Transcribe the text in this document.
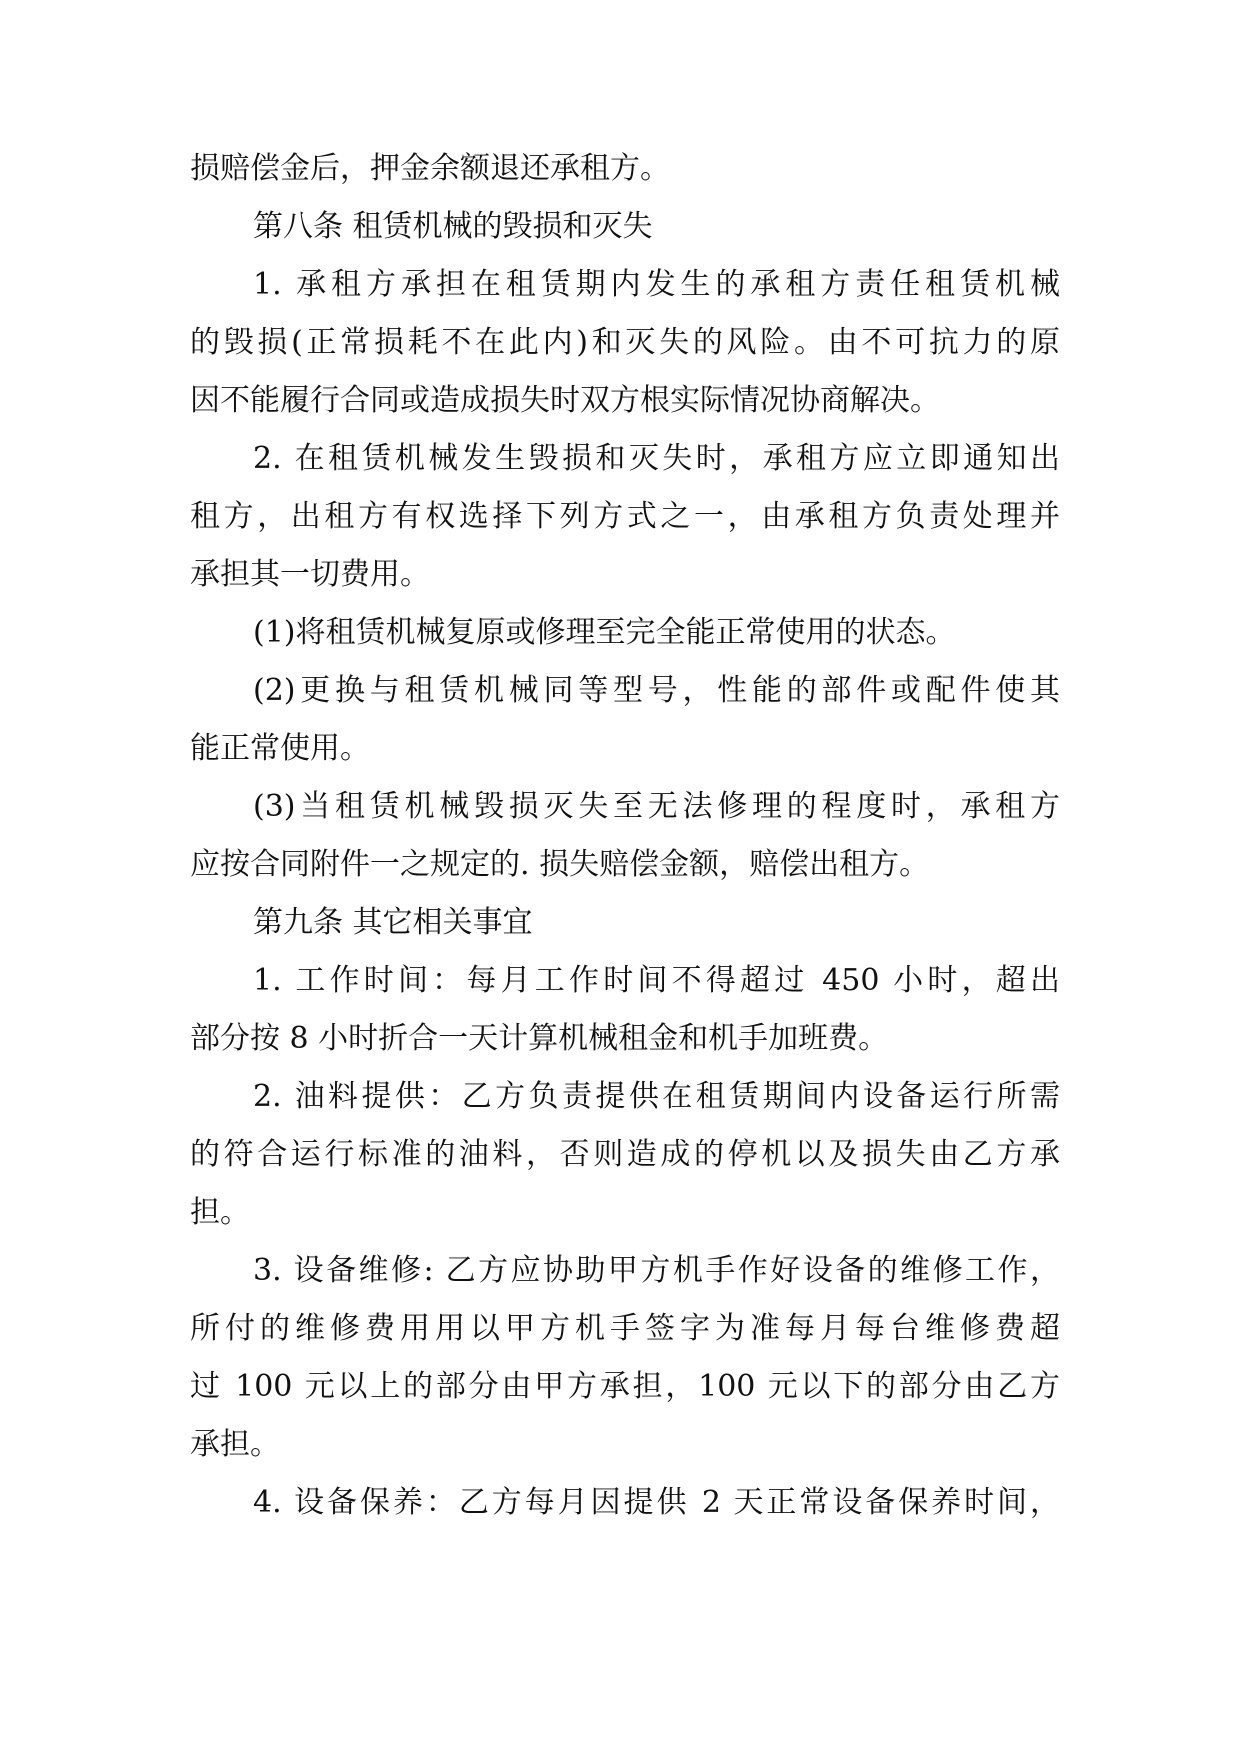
损赔偿金后，押金余额退还承租方。
第八条 租赁机械的毁损和灭失
1. 承租方承担在租赁期内发生的承租方责任租赁机械
的毁损(正常损耗不在此内)和灭失的风险。由不可抗力的原
因不能履行合同或造成损失时双方根实际情况协商解决。
2. 在租赁机械发生毁损和灭失时，承租方应立即通知出
租方，出租方有权选择下列方式之一，由承租方负责处理并
承担其一切费用。
(1)将租赁机械复原或修理至完全能正常使用的状态。
(2)更换与租赁机械同等型号，性能的部件或配件使其
能正常使用。
(3)当租赁机械毁损灭失至无法修理的程度时，承租方
应按合同附件一之规定的. 损失赔偿金额，赔偿出租方。
第九条 其它相关事宜
1. 工作时间：每月工作时间不得超过 450 小时，超出
部分按 8 小时折合一天计算机械租金和机手加班费。
2. 油料提供：乙方负责提供在租赁期间内设备运行所需
的符合运行标准的油料，否则造成的停机以及损失由乙方承
担。
3. 设备维修: 乙方应协助甲方机手作好设备的维修工作，
所付的维修费用用以甲方机手签字为准每月每台维修费超
过 100 元以上的部分由甲方承担，100 元以下的部分由乙方
承担。
4. 设备保养：乙方每月因提供 2 天正常设备保养时间，
